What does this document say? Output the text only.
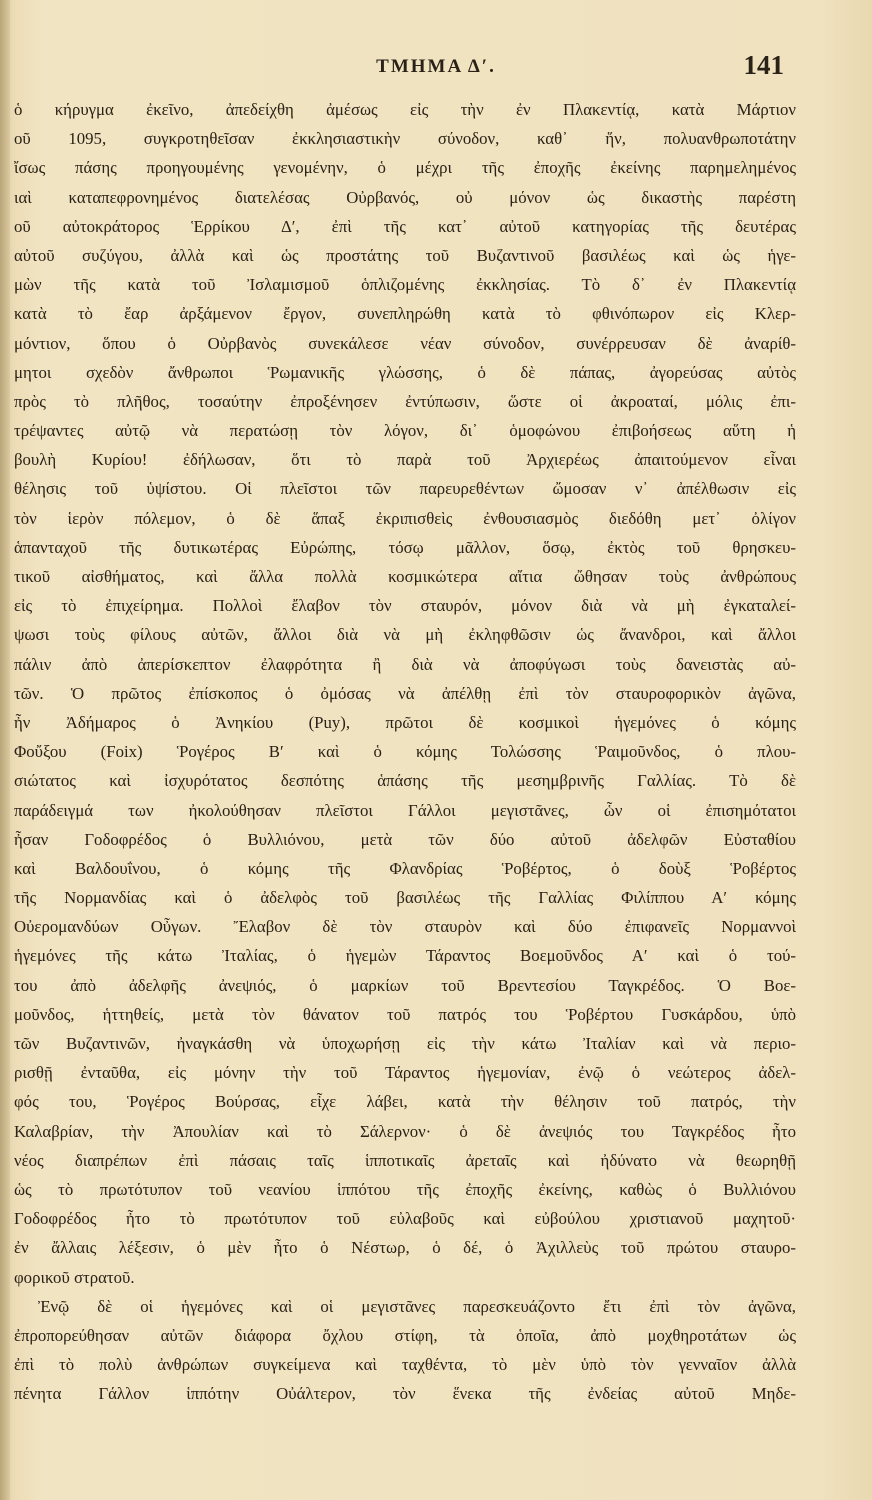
ΤΜΗΜΑ Δʹ.	141
ὁ κήρυγμα ἐκεῖνο, ἀπεδείχθη ἀμέσως εἰς τὴν ἐν Πλακεντίᾳ, κατὰ Μάρτιον
οῦ 1095, συγκροτηθεῖσαν ἐκκλησιαστικὴν σύνοδον, καθ᾽ ἥν, πολυανθρωποτάτην
ἴσως πάσης προηγουμένης γενομένην, ὁ μέχρι τῆς ἐποχῆς ἐκείνης παρημελημένος
ιαὶ καταπεφρονημένος διατελέσας Οὐρβανός, οὐ μόνον ὡς δικαστὴς παρέστη
οῦ αὐτοκράτορος Ἑρρίκου Δʹ, ἐπὶ τῆς κατ᾽ αὐτοῦ κατηγορίας τῆς δευτέρας
αὐτοῦ συζύγου, ἀλλὰ καὶ ὡς προστάτης τοῦ Βυζαντινοῦ βασιλέως καὶ ὡς ἡγε-
μὼν τῆς κατὰ τοῦ Ἰσλαμισμοῦ ὁπλιζομένης ἐκκλησίας. Τὸ δ᾽ ἐν Πλακεντίᾳ
κατὰ τὸ ἔαρ ἀρξάμενον ἔργον, συνεπληρώθη κατὰ τὸ φθινόπωρον εἰς Κλερ-
μόντιον, ὅπου ὁ Οὐρβανὸς συνεκάλεσε νέαν σύνοδον, συνέρρευσαν δὲ ἀναρίθ-
μητοι σχεδὸν ἄνθρωποι Ῥωμανικῆς γλώσσης, ὁ δὲ πάπας, ἀγορεύσας αὐτὸς
πρὸς τὸ πλῆθος, τοσαύτην ἐπροξένησεν ἐντύπωσιν, ὥστε οἱ ἀκροαταί, μόλις ἐπι-
τρέψαντες αὐτῷ νὰ περατώσῃ τὸν λόγον, δι᾽ ὁμοφώνου ἐπιβοήσεως αὕτη ἡ
βουλὴ Κυρίου! ἐδήλωσαν, ὅτι τὸ παρὰ τοῦ Ἀρχιερέως ἀπαιτούμενον εἶναι
θέλησις τοῦ ὑψίστου. Οἱ πλεῖστοι τῶν παρευρεθέντων ὤμοσαν ν᾽ ἀπέλθωσιν εἰς
τὸν ἱερὸν πόλεμον, ὁ δὲ ἅπαξ ἐκριπισθεὶς ἐνθουσιασμὸς διεδόθη μετ᾽ ὀλίγον
ἁπανταχοῦ τῆς δυτικωτέρας Εὐρώπης, τόσῳ μᾶλλον, ὅσῳ, ἐκτὸς τοῦ θρησκευ-
τικοῦ αἰσθήματος, καὶ ἄλλα πολλὰ κοσμικώτερα αἴτια ὤθησαν τοὺς ἀνθρώπους
εἰς τὸ ἐπιχείρημα. Πολλοὶ ἔλαβον τὸν σταυρόν, μόνον διὰ νὰ μὴ ἐγκαταλεί-
ψωσι τοὺς φίλους αὐτῶν, ἄλλοι διὰ νὰ μὴ ἐκληφθῶσιν ὡς ἄνανδροι, καὶ ἄλλοι
πάλιν ἀπὸ ἀπερίσκεπτον ἐλαφρότητα ἢ διὰ νὰ ἀποφύγωσι τοὺς δανειστὰς αὐ-
τῶν. Ὁ πρῶτος ἐπίσκοπος ὁ ὀμόσας νὰ ἀπέλθῃ ἐπὶ τὸν σταυροφορικὸν ἀγῶνα,
ἦν Ἀδήμαρος ὁ Ἀνηκίου (Puy), πρῶτοι δὲ κοσμικοὶ ἡγεμόνες ὁ κόμης
Φοὔξου (Foix) Ῥογέρος Βʹ καὶ ὁ κόμης Τολώσσης Ῥαιμοῦνδος, ὁ πλου-
σιώτατος καὶ ἰσχυρότατος δεσπότης ἁπάσης τῆς μεσημβρινῆς Γαλλίας. Τὸ δὲ
παράδειγμά των ἠκολούθησαν πλεῖστοι Γάλλοι μεγιστᾶνες, ὧν οἱ ἐπισημότατοι
ἦσαν Γοδοφρέδος ὁ Βυλλιόνου, μετὰ τῶν δύο αὐτοῦ ἀδελφῶν Εὐσταθίου
καὶ Βαλδουΐνου, ὁ κόμης τῆς Φλανδρίας Ῥοβέρτος, ὁ δοὺξ Ῥοβέρτος
τῆς Νορμανδίας καὶ ὁ ἀδελφὸς τοῦ βασιλέως τῆς Γαλλίας Φιλίππου Αʹ κόμης
Οὐερομανδύων Οὖγων. Ἔλαβον δὲ τὸν σταυρὸν καὶ δύο ἐπιφανεῖς Νορμαννοὶ
ἡγεμόνες τῆς κάτω Ἰταλίας, ὁ ἡγεμὼν Τάραντος Βοεμοῦνδος Αʹ καὶ ὁ τού-
του ἀπὸ ἀδελφῆς ἀνεψιός, ὁ μαρκίων τοῦ Βρεντεσίου Ταγκρέδος. Ὁ Βοε-
μοῦνδος, ἡττηθείς, μετὰ τὸν θάνατον τοῦ πατρός του Ῥοβέρτου Γυσκάρδου, ὑπὸ
τῶν Βυζαντινῶν, ἠναγκάσθη νὰ ὑποχωρήσῃ εἰς τὴν κάτω Ἰταλίαν καὶ νὰ περιο-
ρισθῇ ἐνταῦθα, εἰς μόνην τὴν τοῦ Τάραντος ἡγεμονίαν, ἐνῷ ὁ νεώτερος ἀδελ-
φός του, Ῥογέρος Βούρσας, εἶχε λάβει, κατὰ τὴν θέλησιν τοῦ πατρός, τὴν
Καλαβρίαν, τὴν Ἀπουλίαν καὶ τὸ Σάλερνον· ὁ δὲ ἀνεψιός του Ταγκρέδος ἦτο
νέος διαπρέπων ἐπὶ πάσαις ταῖς ἱπποτικαῖς ἀρεταῖς καὶ ἠδύνατο νὰ θεωρηθῇ
ὡς τὸ πρωτότυπον τοῦ νεανίου ἱππότου τῆς ἐποχῆς ἐκείνης, καθὼς ὁ Βυλλιόνου
Γοδοφρέδος ἦτο τὸ πρωτότυπον τοῦ εὐλαβοῦς καὶ εὐβούλου χριστιανοῦ μαχητοῦ·
ἐν ἄλλαις λέξεσιν, ὁ μὲν ἦτο ὁ Νέστωρ, ὁ δέ, ὁ Ἀχιλλεὺς τοῦ πρώτου σταυρο-
φορικοῦ στρατοῦ.
Ἐνῷ δὲ οἱ ἡγεμόνες καὶ οἱ μεγιστᾶνες παρεσκευάζοντο ἔτι ἐπὶ τὸν ἀγῶνα,
ἐπροπορεύθησαν αὐτῶν διάφορα ὄχλου στίφη, τὰ ὁποῖα, ἀπὸ μοχθηροτάτων ὡς
ἐπὶ τὸ πολὺ ἀνθρώπων συγκείμενα καὶ ταχθέντα, τὸ μὲν ὑπὸ τὸν γενναῖον ἀλλὰ
πένητα Γάλλον ἱππότην Οὐάλτερον, τὸν ἕνεκα τῆς ἐνδείας αὐτοῦ Μηδε-
